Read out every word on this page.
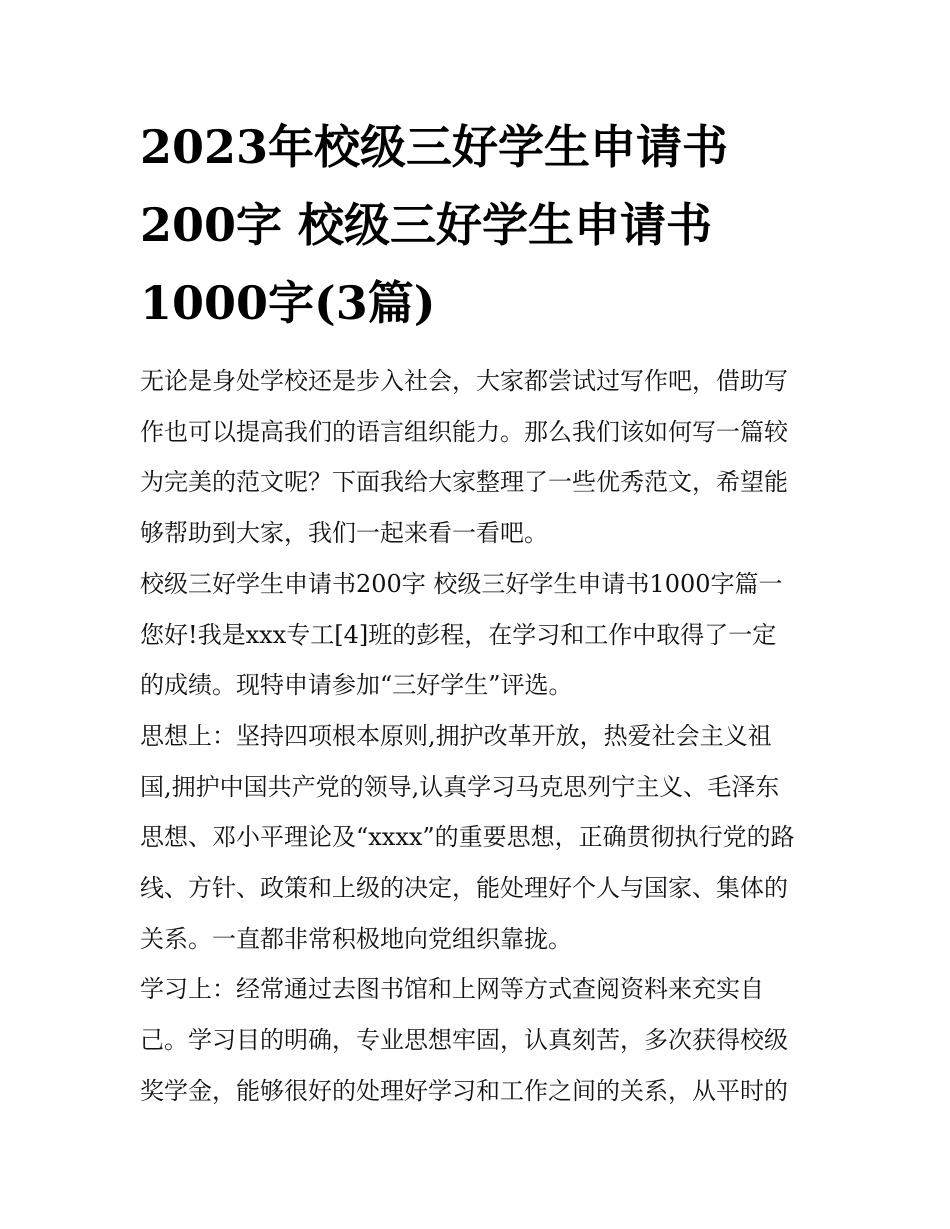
2023年校级三好学生申请书
200字 校级三好学生申请书
1000字(3篇)
无论是身处学校还是步入社会，大家都尝试过写作吧，借助写
作也可以提高我们的语言组织能力。那么我们该如何写一篇较
为完美的范文呢？下面我给大家整理了一些优秀范文，希望能
够帮助到大家，我们一起来看一看吧。
校级三好学生申请书200字 校级三好学生申请书1000字篇一
您好!我是xxx专工[4]班的彭程，在学习和工作中取得了一定
的成绩。现特申请参加“三好学生”评选。
思想上：坚持四项根本原则,拥护改革开放，热爱社会主义祖
国,拥护中国共产党的领导,认真学习马克思列宁主义、毛泽东
思想、邓小平理论及“xxxx”的重要思想，正确贯彻执行党的路
线、方针、政策和上级的决定，能处理好个人与国家、集体的
关系。一直都非常积极地向党组织靠拢。
学习上：经常通过去图书馆和上网等方式查阅资料来充实自
己。学习目的明确，专业思想牢固，认真刻苦，多次获得校级
奖学金，能够很好的处理好学习和工作之间的关系，从平时的
